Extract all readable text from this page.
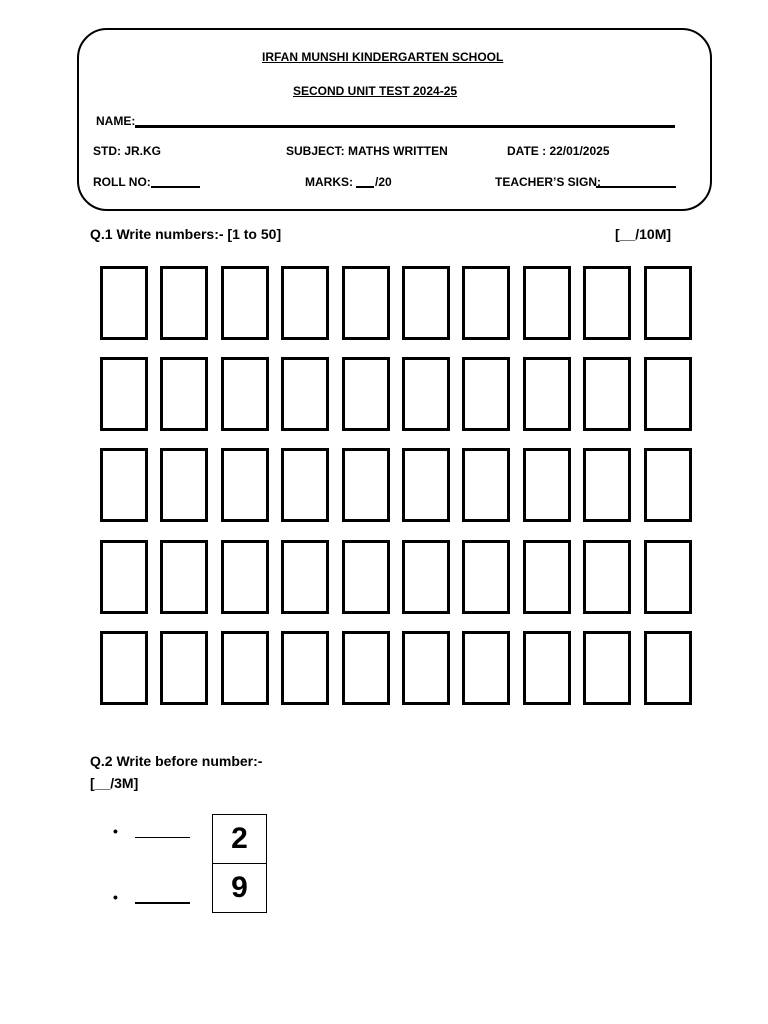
IRFAN MUNSHI KINDERGARTEN SCHOOL
SECOND UNIT TEST 2024-25
NAME:
STD: JR.KG	SUBJECT: MATHS WRITTEN	DATE : 22/01/2025
ROLL NO:	MARKS: /20	TEACHER’S SIGN:
Q.1 Write numbers:- [1 to 50]	[__/10M]
Q.2 Write before number:-
[__/3M]
•	2
•	9
